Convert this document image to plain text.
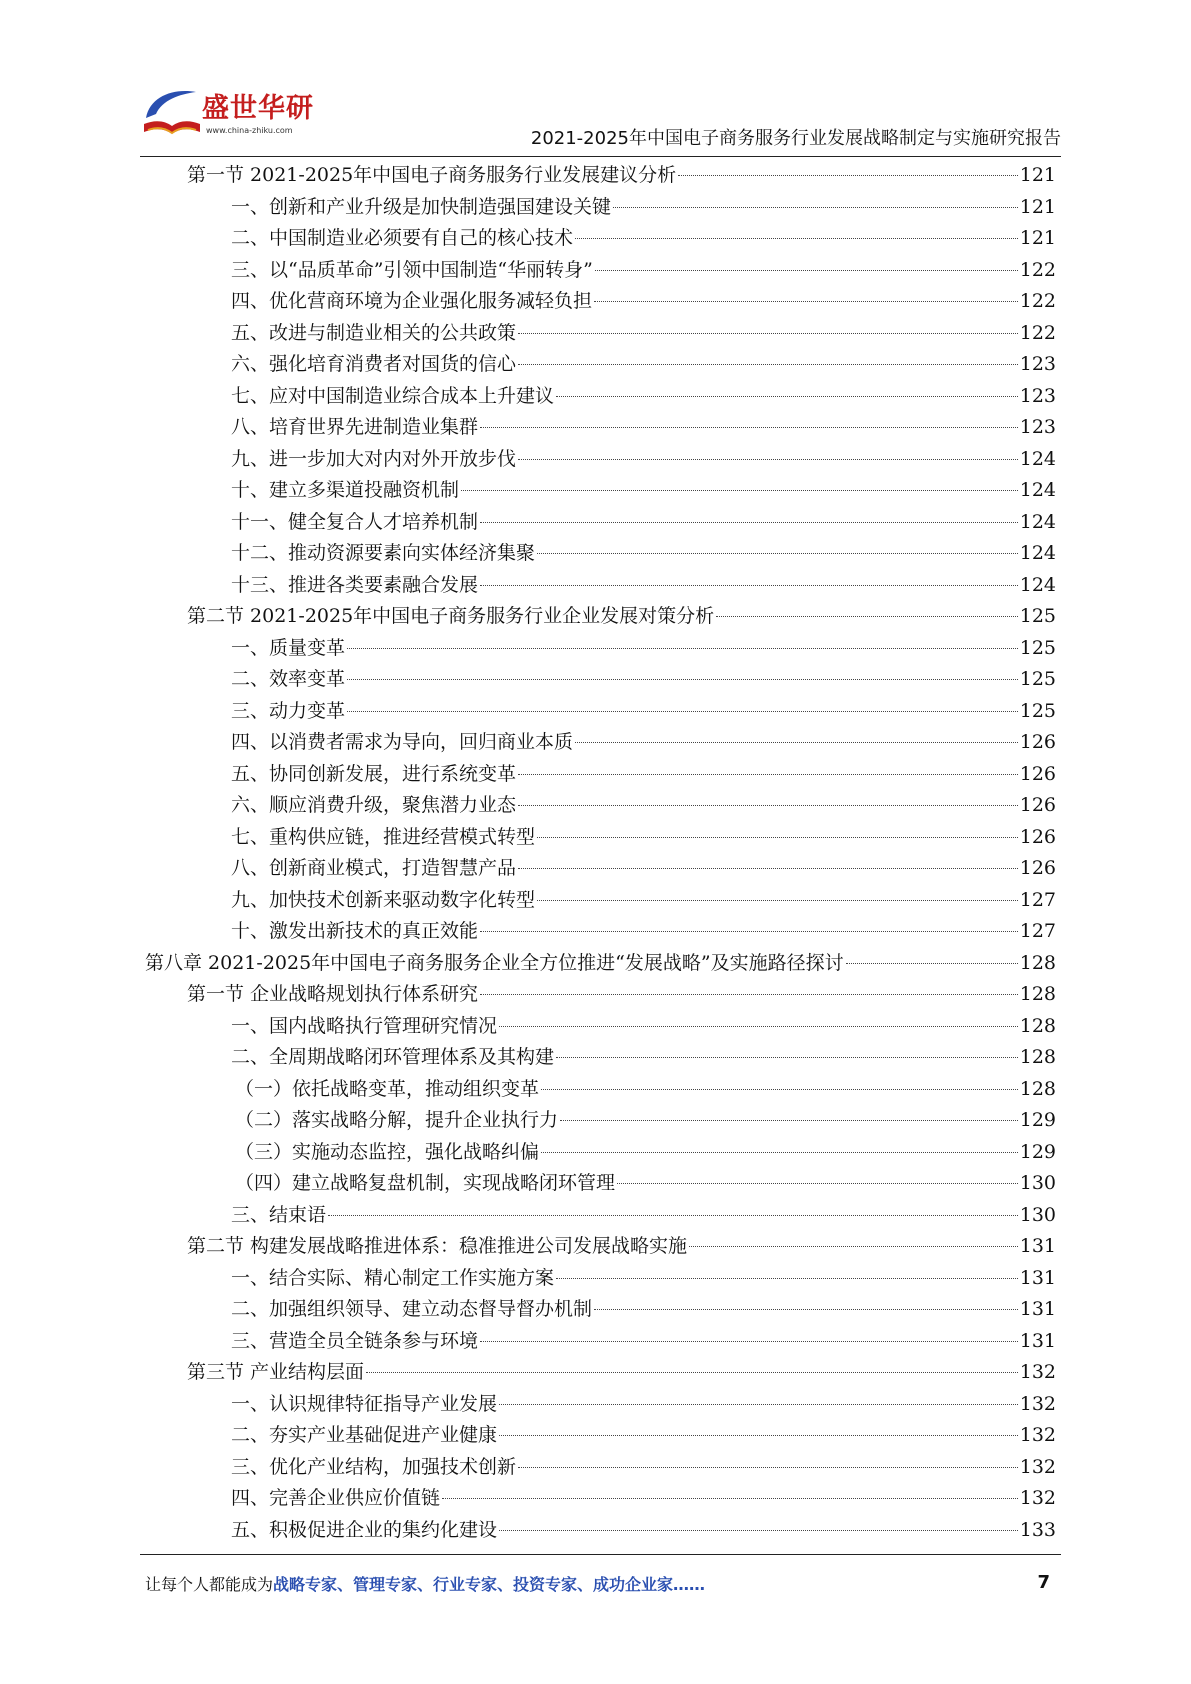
盛世华研
www.china-zhiku.com	2021-2025年中国电子商务服务行业发展战略制定与实施研究报告
第一节 2021-2025年中国电子商务服务行业发展建议分析	121
一、创新和产业升级是加快制造强国建设关键	121
二、中国制造业必须要有自己的核心技术	121
三、以“品质革命”引领中国制造“华丽转身”	122
四、优化营商环境为企业强化服务减轻负担	122
五、改进与制造业相关的公共政策	122
六、强化培育消费者对国货的信心	123
七、应对中国制造业综合成本上升建议	123
八、培育世界先进制造业集群	123
九、进一步加大对内对外开放步伐	124
十、建立多渠道投融资机制	124
十一、健全复合人才培养机制	124
十二、推动资源要素向实体经济集聚	124
十三、推进各类要素融合发展	124
第二节 2021-2025年中国电子商务服务行业企业发展对策分析	125
一、质量变革	125
二、效率变革	125
三、动力变革	125
四、以消费者需求为导向，回归商业本质	126
五、协同创新发展，进行系统变革	126
六、顺应消费升级，聚焦潜力业态	126
七、重构供应链，推进经营模式转型	126
八、创新商业模式，打造智慧产品	126
九、加快技术创新来驱动数字化转型	127
十、激发出新技术的真正效能	127
第八章 2021-2025年中国电子商务服务企业全方位推进“发展战略”及实施路径探讨	128
第一节 企业战略规划执行体系研究	128
一、国内战略执行管理研究情况	128
二、全周期战略闭环管理体系及其构建	128
（一）依托战略变革，推动组织变革	128
（二）落实战略分解，提升企业执行力	129
（三）实施动态监控，强化战略纠偏	129
（四）建立战略复盘机制，实现战略闭环管理	130
三、结束语	130
第二节 构建发展战略推进体系：稳准推进公司发展战略实施	131
一、结合实际、精心制定工作实施方案	131
二、加强组织领导、建立动态督导督办机制	131
三、营造全员全链条参与环境	131
第三节 产业结构层面	132
一、认识规律特征指导产业发展	132
二、夯实产业基础促进产业健康	132
三、优化产业结构，加强技术创新	132
四、完善企业供应价值链	132
五、积极促进企业的集约化建设	133
让每个人都能成为战略专家、管理专家、行业专家、投资专家、成功企业家……	7
